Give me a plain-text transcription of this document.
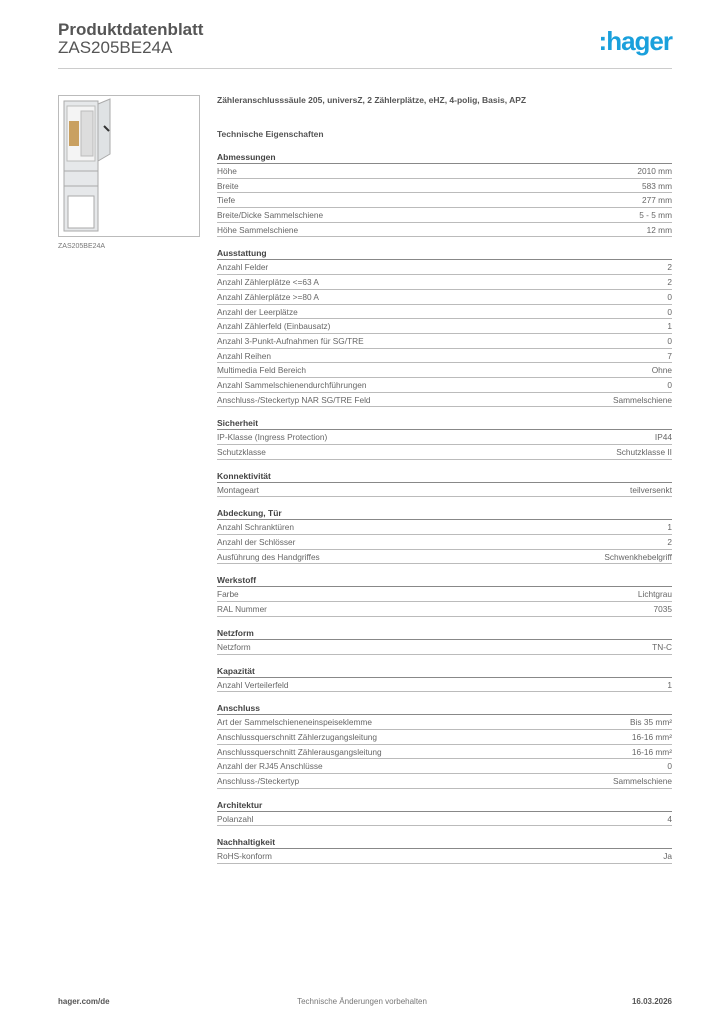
Produktdatenblatt
ZAS205BE24A	:hager
ZAS205BE24A
Zähleranschlusssäule 205, universZ, 2 Zählerplätze, eHZ, 4-polig, Basis, APZ
Technische Eigenschaften
Abmessungen
Höhe	2010 mm
Breite	583 mm
Tiefe	277 mm
Breite/Dicke Sammelschiene	5 - 5 mm
Höhe Sammelschiene	12 mm
Ausstattung
Anzahl Felder	2
Anzahl Zählerplätze <=63 A	2
Anzahl Zählerplätze >=80 A	0
Anzahl der Leerplätze	0
Anzahl Zählerfeld (Einbausatz)	1
Anzahl 3-Punkt-Aufnahmen für SG/TRE	0
Anzahl Reihen	7
Multimedia Feld Bereich	Ohne
Anzahl Sammelschienendurchführungen	0
Anschluss-/Steckertyp NAR SG/TRE Feld	Sammelschiene
Sicherheit
IP-Klasse (Ingress Protection)	IP44
Schutzklasse	Schutzklasse II
Konnektivität
Montageart	teilversenkt
Abdeckung, Tür
Anzahl Schranktüren	1
Anzahl der Schlösser	2
Ausführung des Handgriffes	Schwenkhebelgriff
Werkstoff
Farbe	Lichtgrau
RAL Nummer	7035
Netzform
Netzform	TN-C
Kapazität
Anzahl Verteilerfeld	1
Anschluss
Art der Sammelschieneneinspeiseklemme	Bis 35 mm²
Anschlussquerschnitt Zählerzugangsleitung	16-16 mm²
Anschlussquerschnitt Zählerausgangsleitung	16-16 mm²
Anzahl der RJ45 Anschlüsse	0
Anschluss-/Steckertyp	Sammelschiene
Architektur
Polanzahl	4
Nachhaltigkeit
RoHS-konform	Ja
hager.com/de	Technische Änderungen vorbehalten	16.03.2026
